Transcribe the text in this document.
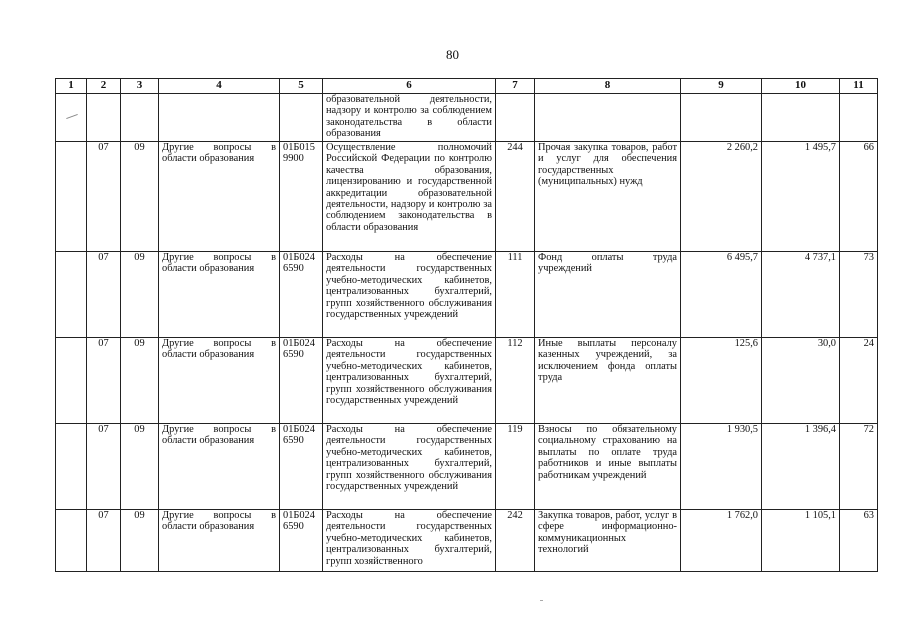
80
1	2	3	4	5	6	7	8	9	10	11

					образовательной деятельности, надзору и контролю за соблюдением законодательства в области образования					
	07	09	Другие вопросы в области образования	01Б015 9900	Осуществление полномочий Российской Федерации по контролю качества образования, лицензированию и государственной аккредитации образовательной деятельности, надзору и контролю за соблюдением законодательства в области образования	244	Прочая закупка товаров, работ и услуг для обеспечения государственных (муниципальных) нужд	2 260,2	1 495,7	66
	07	09	Другие вопросы в области образования	01Б024 6590	Расходы на обеспечение деятельности государственных учебно-методических кабинетов, централизованных бухгалтерий, групп хозяйственного обслуживания государственных учреждений	111	Фонд оплаты труда учреждений	6 495,7	4 737,1	73
	07	09	Другие вопросы в области образования	01Б024 6590	Расходы на обеспечение деятельности государственных учебно-методических кабинетов, централизованных бухгалтерий, групп хозяйственного обслуживания государственных учреждений	112	Иные выплаты персоналу казенных учреждений, за исключением фонда оплаты труда	125,6	30,0	24
	07	09	Другие вопросы в области образования	01Б024 6590	Расходы на обеспечение деятельности государственных учебно-методических кабинетов, централизованных бухгалтерий, групп хозяйственного обслуживания государственных учреждений	119	Взносы по обязательному социальному страхованию на выплаты по оплате труда работников и иные выплаты работникам учреждений	1 930,5	1 396,4	72
	07	09	Другие вопросы в области образования	01Б024 6590	Расходы на обеспечение деятельности государственных учебно-методических кабинетов, централизованных бухгалтерий, групп хозяйственного	242	Закупка товаров, работ, услуг в сфере информационно-коммуникационных технологий	1 762,0	1 105,1	63
